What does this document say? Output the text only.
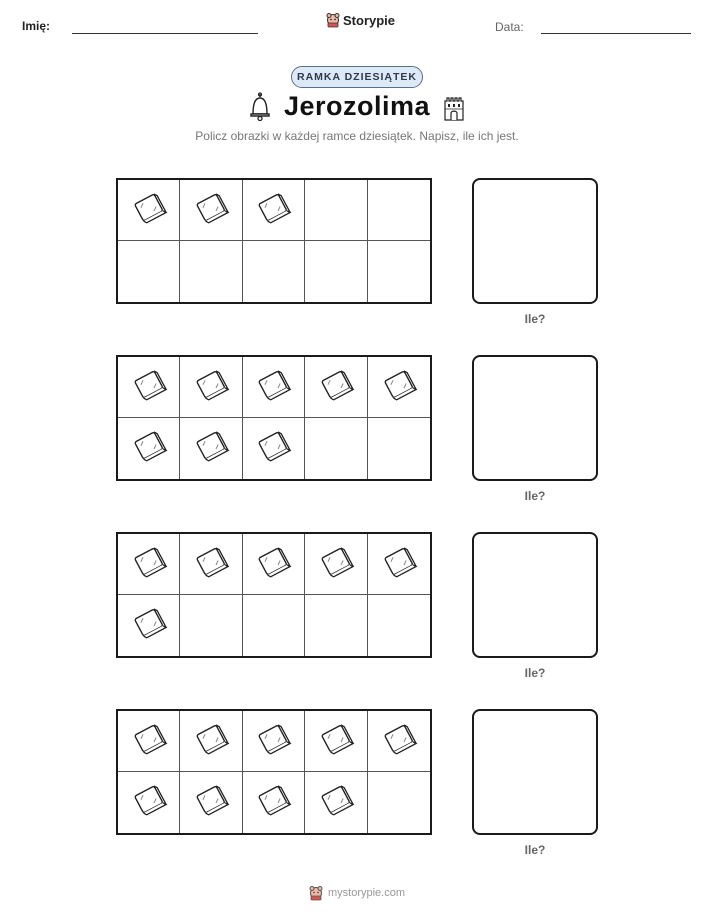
Imię:	Storypie	Data:
RAMKA DZIESIĄTEK
Jerozolima
Policz obrazki w każdej ramce dziesiątek. Napisz, ile ich jest.
Ile?
Ile?
Ile?
Ile?
mystorypie.com
